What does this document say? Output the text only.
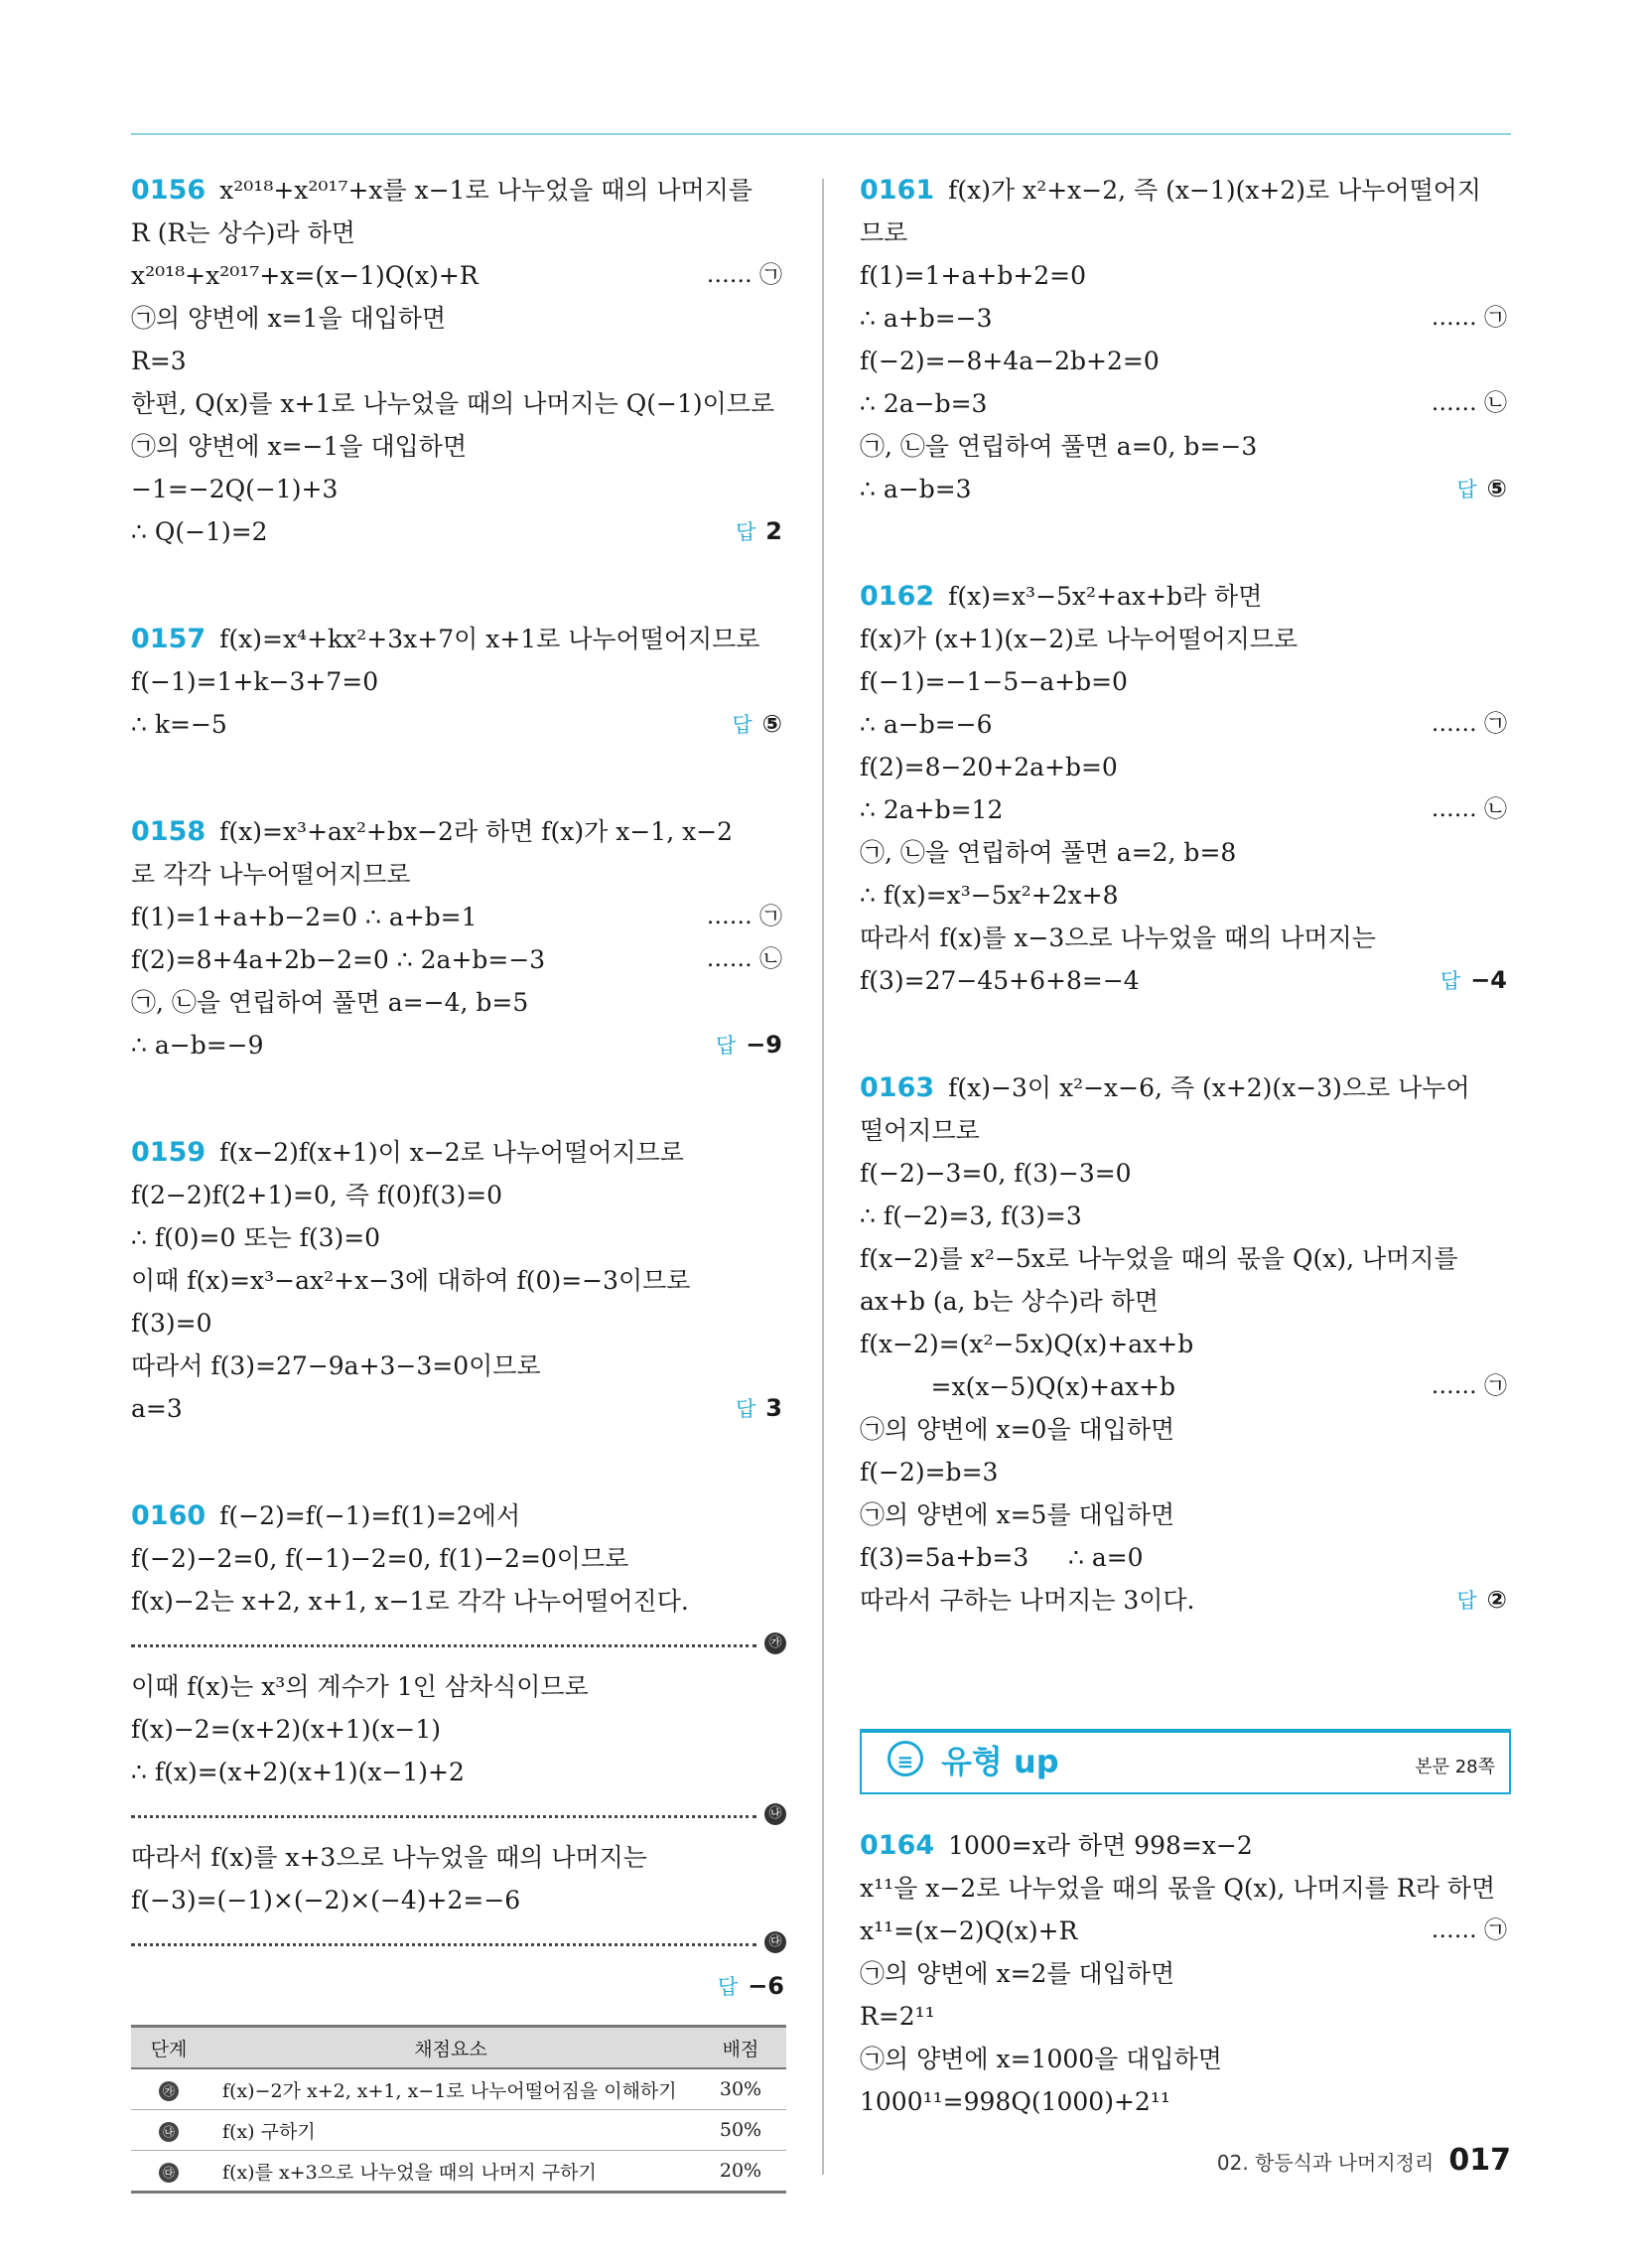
0156 x²⁰¹⁸+x²⁰¹⁷+x를 x−1로 나누었을 때의 나머지를
R (R는 상수)라 하면
x²⁰¹⁸+x²⁰¹⁷+x=(x−1)Q(x)+R	…… ㉠
㉠의 양변에 x=1을 대입하면
R=3
한편, Q(x)를 x+1로 나누었을 때의 나머지는 Q(−1)이므로
㉠의 양변에 x=−1을 대입하면
−1=−2Q(−1)+3
∴ Q(−1)=2	답 2
0157 f(x)=x⁴+kx²+3x+7이 x+1로 나누어떨어지므로
f(−1)=1+k−3+7=0
∴ k=−5	답 ⑤
0158 f(x)=x³+ax²+bx−2라 하면 f(x)가 x−1, x−2
로 각각 나누어떨어지므로
f(1)=1+a+b−2=0 ∴ a+b=1	…… ㉠
f(2)=8+4a+2b−2=0 ∴ 2a+b=−3	…… ㉡
㉠, ㉡을 연립하여 풀면 a=−4, b=5
∴ a−b=−9	답 −9
0159 f(x−2)f(x+1)이 x−2로 나누어떨어지므로
f(2−2)f(2+1)=0, 즉 f(0)f(3)=0
∴ f(0)=0 또는 f(3)=0
이때 f(x)=x³−ax²+x−3에 대하여 f(0)=−3이므로
f(3)=0
따라서 f(3)=27−9a+3−3=0이므로
a=3	답 3
0160 f(−2)=f(−1)=f(1)=2에서
f(−2)−2=0, f(−1)−2=0, f(1)−2=0이므로
f(x)−2는 x+2, x+1, x−1로 각각 나누어떨어진다.
㉮
이때 f(x)는 x³의 계수가 1인 삼차식이므로
f(x)−2=(x+2)(x+1)(x−1)
∴ f(x)=(x+2)(x+1)(x−1)+2
㉯
따라서 f(x)를 x+3으로 나누었을 때의 나머지는
f(−3)=(−1)×(−2)×(−4)+2=−6
㉰
답 −6
단계	채점요소	배점
㉮	f(x)−2가 x+2, x+1, x−1로 나누어떨어짐을 이해하기	30%
㉯	f(x) 구하기	50%
㉰	f(x)를 x+3으로 나누었을 때의 나머지 구하기	20%
0161 f(x)가 x²+x−2, 즉 (x−1)(x+2)로 나누어떨어지
므로
f(1)=1+a+b+2=0
∴ a+b=−3	…… ㉠
f(−2)=−8+4a−2b+2=0
∴ 2a−b=3	…… ㉡
㉠, ㉡을 연립하여 풀면 a=0, b=−3
∴ a−b=3	답 ⑤
0162 f(x)=x³−5x²+ax+b라 하면
f(x)가 (x+1)(x−2)로 나누어떨어지므로
f(−1)=−1−5−a+b=0
∴ a−b=−6	…… ㉠
f(2)=8−20+2a+b=0
∴ 2a+b=12	…… ㉡
㉠, ㉡을 연립하여 풀면 a=2, b=8
∴ f(x)=x³−5x²+2x+8
따라서 f(x)를 x−3으로 나누었을 때의 나머지는
f(3)=27−45+6+8=−4	답 −4
0163 f(x)−3이 x²−x−6, 즉 (x+2)(x−3)으로 나누어
떨어지므로
f(−2)−3=0, f(3)−3=0
∴ f(−2)=3, f(3)=3
f(x−2)를 x²−5x로 나누었을 때의 몫을 Q(x), 나머지를
ax+b (a, b는 상수)라 하면
f(x−2)=(x²−5x)Q(x)+ax+b
=x(x−5)Q(x)+ax+b	…… ㉠
㉠의 양변에 x=0을 대입하면
f(−2)=b=3
㉠의 양변에 x=5를 대입하면
f(3)=5a+b=3     ∴ a=0
따라서 구하는 나머지는 3이다.	답 ②
≡ 유형 up	본문 28쪽
0164 1000=x라 하면 998=x−2
x¹¹을 x−2로 나누었을 때의 몫을 Q(x), 나머지를 R라 하면
x¹¹=(x−2)Q(x)+R	…… ㉠
㉠의 양변에 x=2를 대입하면
R=2¹¹
㉠의 양변에 x=1000을 대입하면
1000¹¹=998Q(1000)+2¹¹
02. 항등식과 나머지정리 017
